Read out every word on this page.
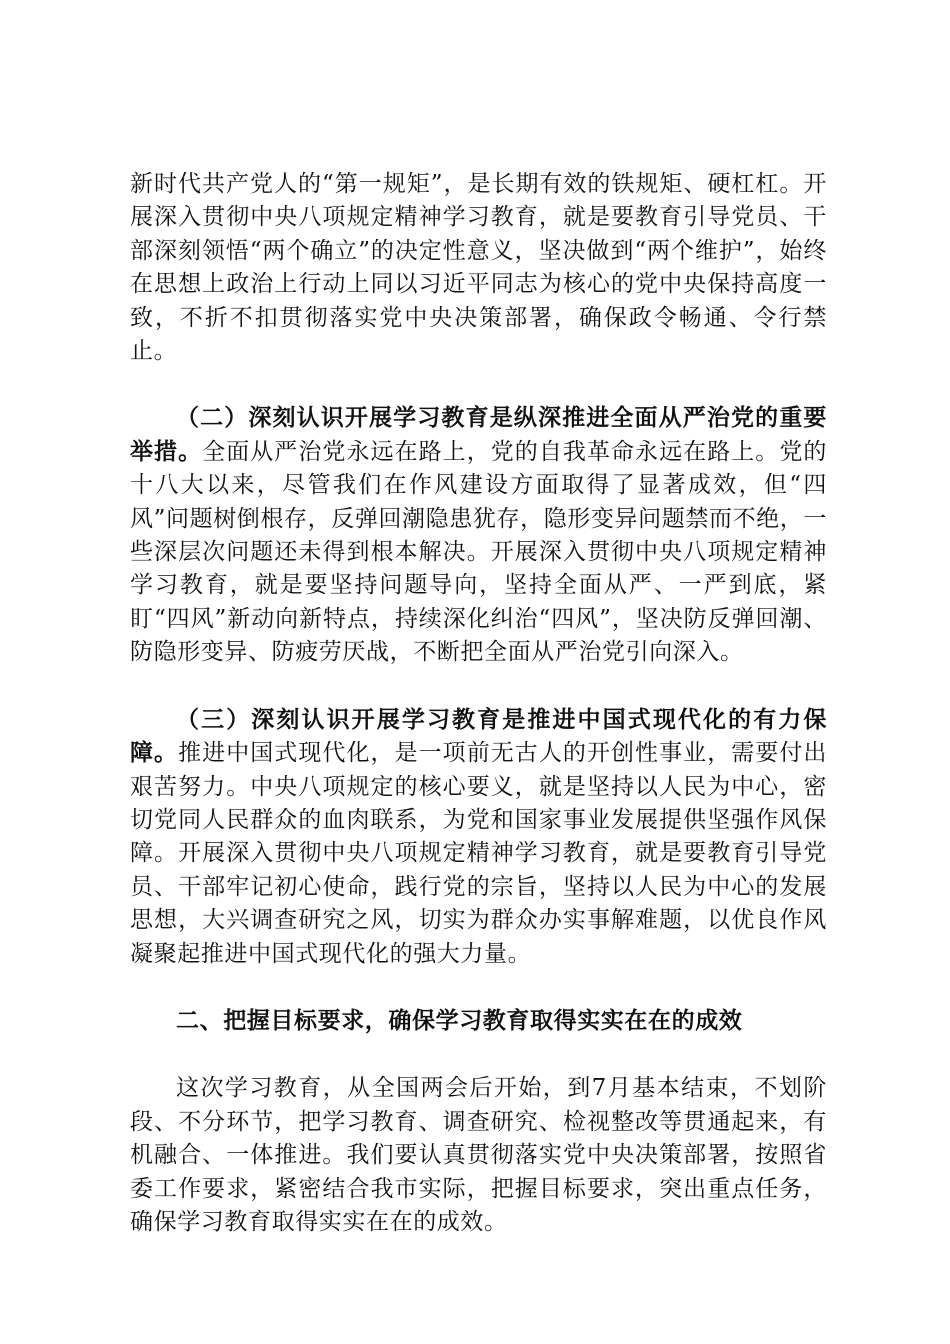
新时代共产党人的“第一规矩”，是长期有效的铁规矩、硬杠杠。开展深入贯彻中央八项规定精神学习教育，就是要教育引导党员、干部深刻领悟“两个确立”的决定性意义，坚决做到“两个维护”，始终在思想上政治上行动上同以习近平同志为核心的党中央保持高度一致，不折不扣贯彻落实党中央决策部署，确保政令畅通、令行禁止。

（二）深刻认识开展学习教育是纵深推进全面从严治党的重要举措。全面从严治党永远在路上，党的自我革命永远在路上。党的十八大以来，尽管我们在作风建设方面取得了显著成效，但“四风”问题树倒根存，反弹回潮隐患犹存，隐形变异问题禁而不绝，一些深层次问题还未得到根本解决。开展深入贯彻中央八项规定精神学习教育，就是要坚持问题导向，坚持全面从严、一严到底，紧盯“四风”新动向新特点，持续深化纠治“四风”，坚决防反弹回潮、防隐形变异、防疲劳厌战，不断把全面从严治党引向深入。

（三）深刻认识开展学习教育是推进中国式现代化的有力保障。推进中国式现代化，是一项前无古人的开创性事业，需要付出艰苦努力。中央八项规定的核心要义，就是坚持以人民为中心，密切党同人民群众的血肉联系，为党和国家事业发展提供坚强作风保障。开展深入贯彻中央八项规定精神学习教育，就是要教育引导党员、干部牢记初心使命，践行党的宗旨，坚持以人民为中心的发展思想，大兴调查研究之风，切实为群众办实事解难题，以优良作风凝聚起推进中国式现代化的强大力量。

二、把握目标要求，确保学习教育取得实实在在的成效

这次学习教育，从全国两会后开始，到7月基本结束，不划阶段、不分环节，把学习教育、调查研究、检视整改等贯通起来，有机融合、一体推进。我们要认真贯彻落实党中央决策部署，按照省委工作要求，紧密结合我市实际，把握目标要求，突出重点任务，确保学习教育取得实实在在的成效。
